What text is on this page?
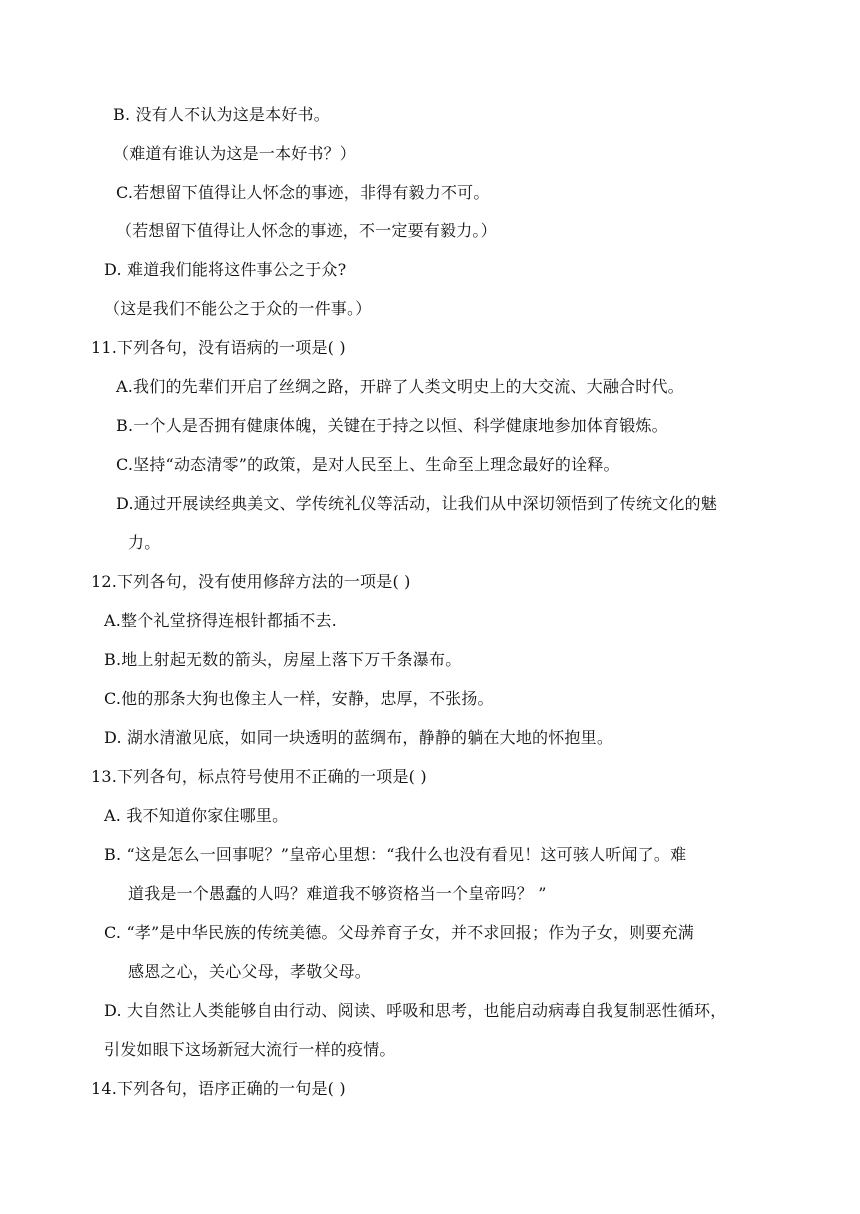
B. 没有人不认为这是本好书。
（难道有谁认为这是一本好书？）
C.若想留下值得让人怀念的事迹，非得有毅力不可。
（若想留下值得让人怀念的事迹，不一定要有毅力。）
D. 难道我们能将这件事公之于众?
（这是我们不能公之于众的一件事。）
11.下列各句，没有语病的一项是( )
A.我们的先辈们开启了丝绸之路，开辟了人类文明史上的大交流、大融合时代。
B.一个人是否拥有健康体魄，关键在于持之以恒、科学健康地参加体育锻炼。
C.坚持“动态清零”的政策，是对人民至上、生命至上理念最好的诠释。
D.通过开展读经典美文、学传统礼仪等活动，让我们从中深切领悟到了传统文化的魅
力。
12.下列各句，没有使用修辞方法的一项是( )
A.整个礼堂挤得连根针都插不去.
B.地上射起无数的箭头，房屋上落下万千条瀑布。
C.他的那条大狗也像主人一样，安静，忠厚，不张扬。
D. 湖水清澈见底，如同一块透明的蓝绸布，静静的躺在大地的怀抱里。
13.下列各句，标点符号使用不正确的一项是( )
A. 我不知道你家住哪里。
B. “这是怎么一回事呢？”皇帝心里想：“我什么也没有看见！这可骇人听闻了。难
道我是一个愚蠢的人吗？难道我不够资格当一个皇帝吗？ ”
C. “孝”是中华民族的传统美德。父母养育子女，并不求回报；作为子女，则要充满
感恩之心，关心父母，孝敬父母。
D. 大自然让人类能够自由行动、阅读、呼吸和思考，也能启动病毒自我复制恶性循环，
引发如眼下这场新冠大流行一样的疫情。
14.下列各句，语序正确的一句是( )
